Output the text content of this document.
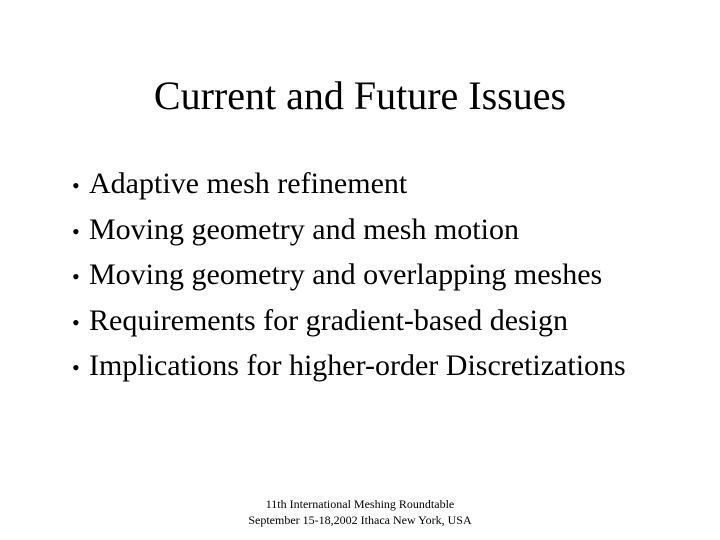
Current and Future Issues
• Adaptive mesh refinement
• Moving geometry and mesh motion
• Moving geometry and overlapping meshes
• Requirements for gradient-based design
• Implications for higher-order Discretizations
11th International Meshing Roundtable
September 15-18,2002 Ithaca New York, USA
